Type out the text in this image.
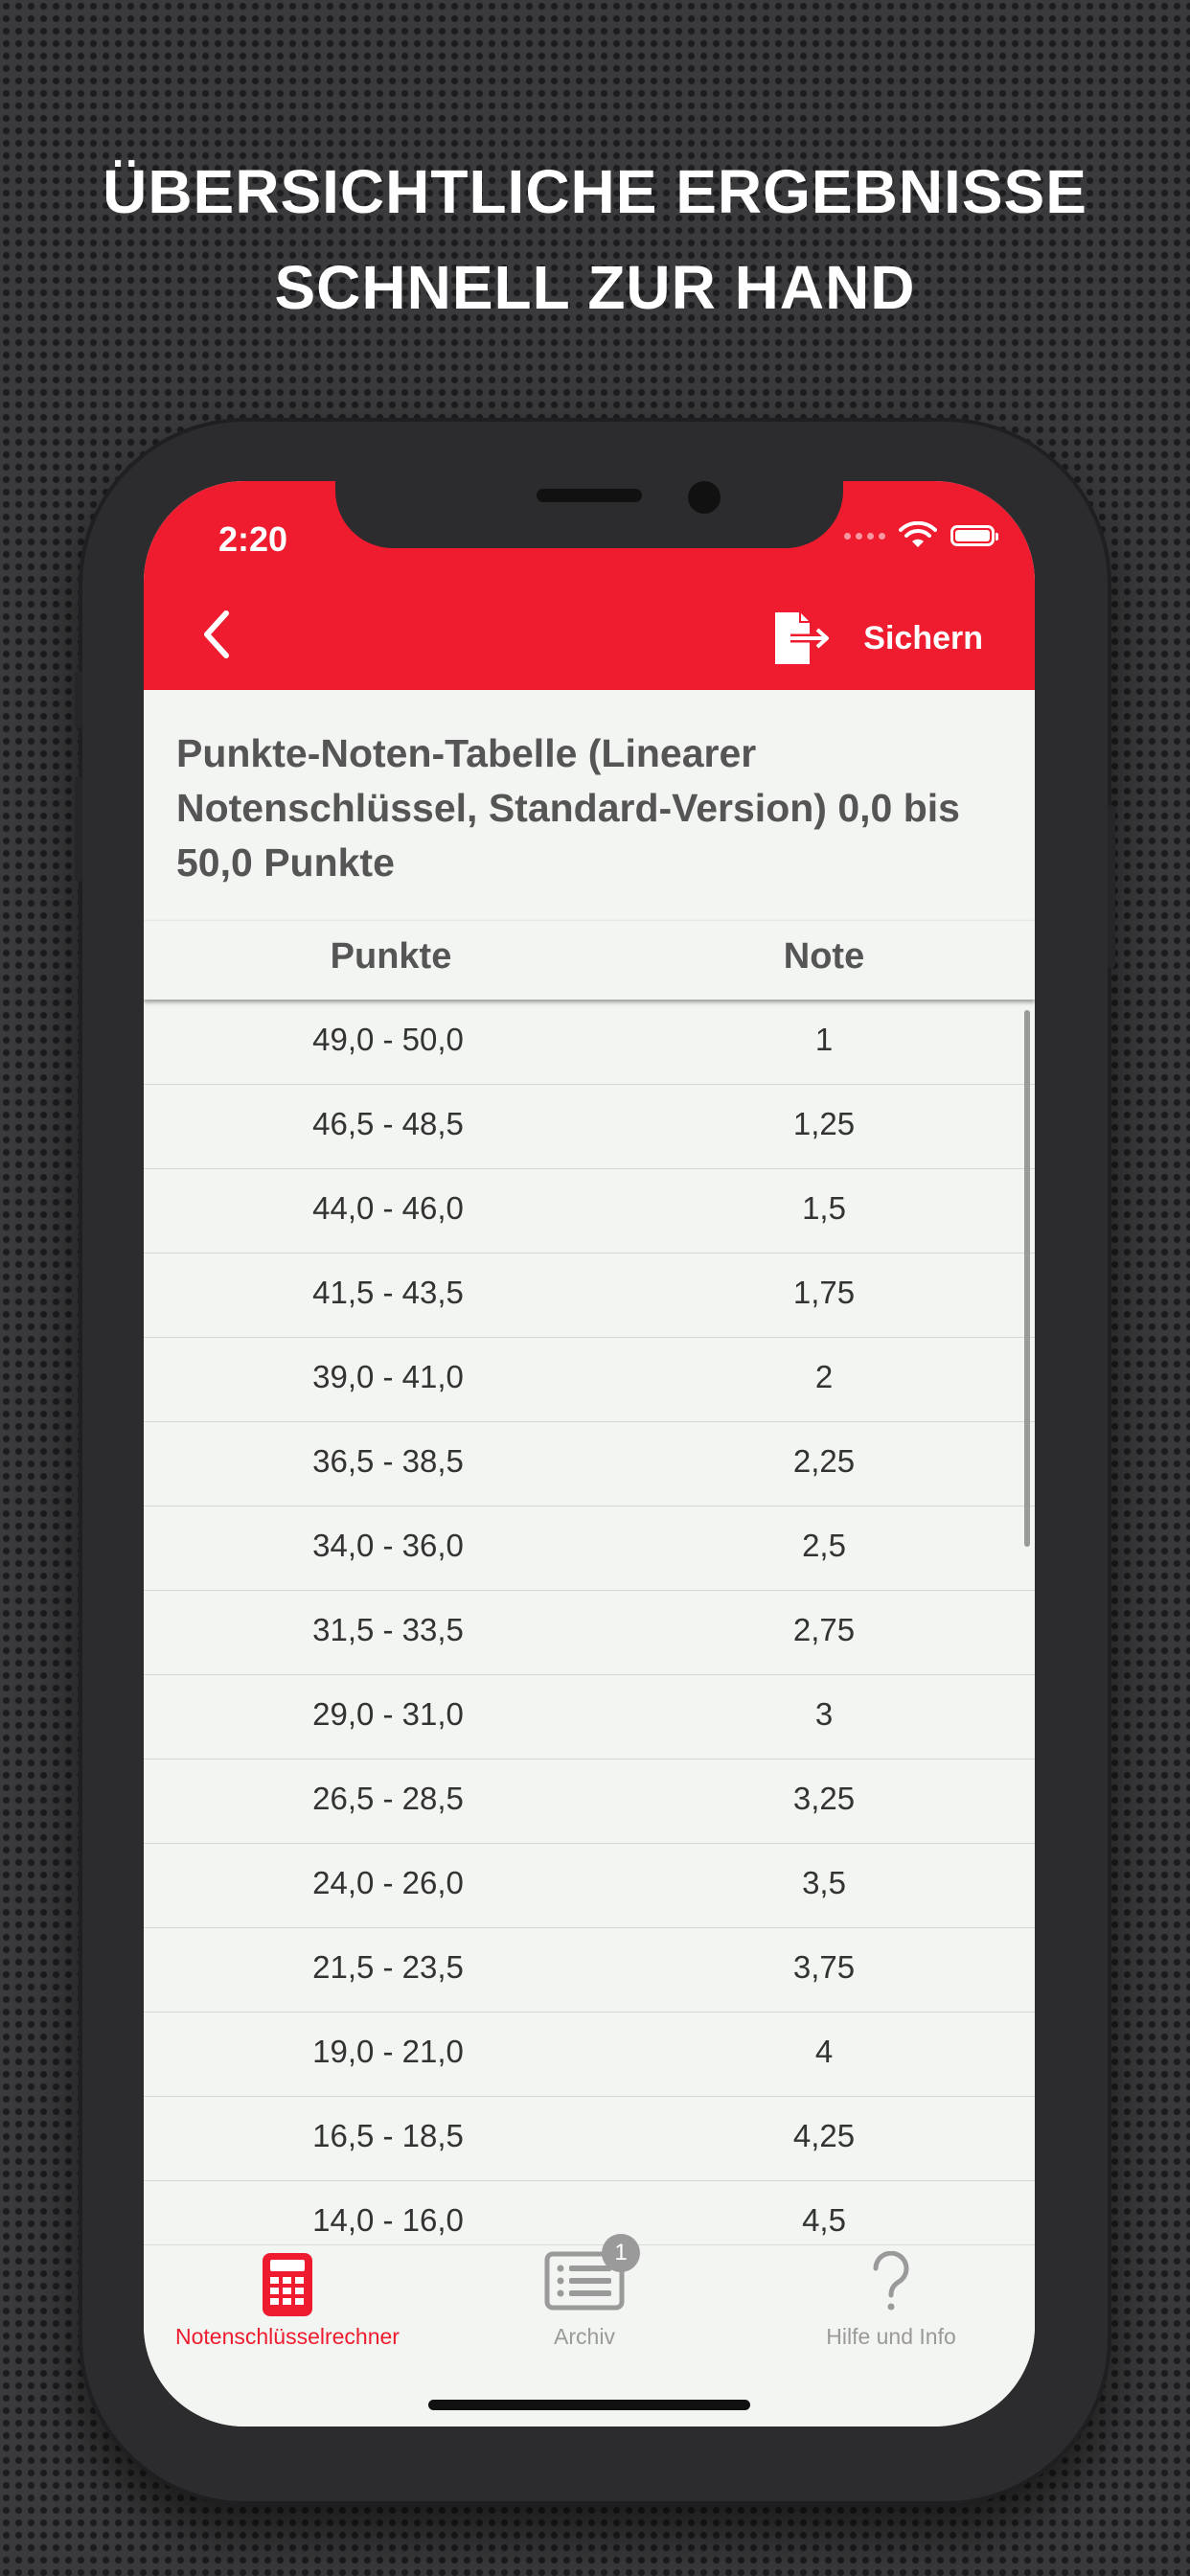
ÜBERSICHTLICHE ERGEBNISSE
SCHNELL ZUR HAND
2:20
Sichern
Punkte-Noten-Tabelle (Linearer Notenschlüssel, Standard-Version) 0,0 bis 50,0 Punkte
Punkte	Note
49,0 - 50,0	1
46,5 - 48,5	1,25
44,0 - 46,0	1,5
41,5 - 43,5	1,75
39,0 - 41,0	2
36,5 - 38,5	2,25
34,0 - 36,0	2,5
31,5 - 33,5	2,75
29,0 - 31,0	3
26,5 - 28,5	3,25
24,0 - 26,0	3,5
21,5 - 23,5	3,75
19,0 - 21,0	4
16,5 - 18,5	4,25
14,0 - 16,0	4,5
Notenschlüsselrechner
1
Archiv	Hilfe und Info
